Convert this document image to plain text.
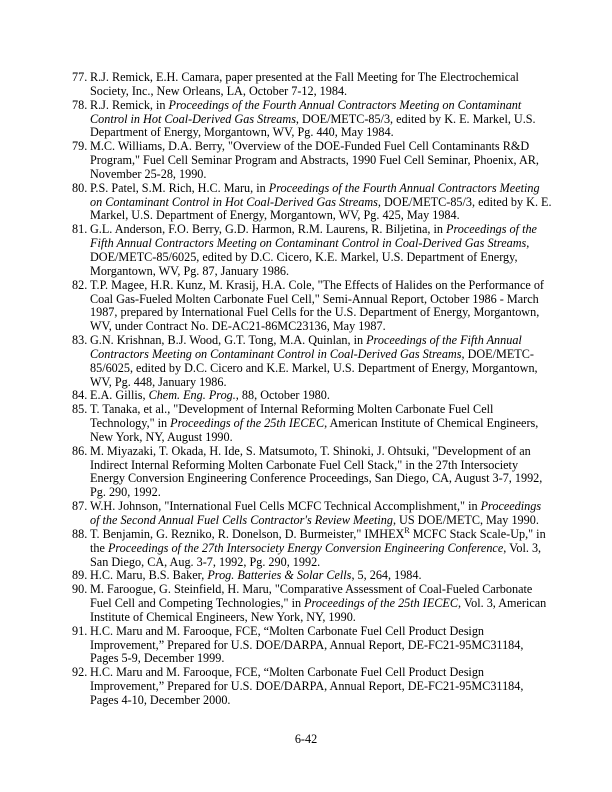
77. R.J. Remick, E.H. Camara, paper presented at the Fall Meeting for The Electrochemical Society, Inc., New Orleans, LA, October 7-12, 1984.
78. R.J. Remick, in Proceedings of the Fourth Annual Contractors Meeting on Contaminant Control in Hot Coal-Derived Gas Streams, DOE/METC-85/3, edited by K. E. Markel, U.S. Department of Energy, Morgantown, WV, Pg. 440, May 1984.
79. M.C. Williams, D.A. Berry, "Overview of the DOE-Funded Fuel Cell Contaminants R&D Program," Fuel Cell Seminar Program and Abstracts, 1990 Fuel Cell Seminar, Phoenix, AR, November 25-28, 1990.
80. P.S. Patel, S.M. Rich, H.C. Maru, in Proceedings of the Fourth Annual Contractors Meeting on Contaminant Control in Hot Coal-Derived Gas Streams, DOE/METC-85/3, edited by K. E. Markel, U.S. Department of Energy, Morgantown, WV, Pg. 425, May 1984.
81. G.L. Anderson, F.O. Berry, G.D. Harmon, R.M. Laurens, R. Biljetina, in Proceedings of the Fifth Annual Contractors Meeting on Contaminant Control in Coal-Derived Gas Streams, DOE/METC-85/6025, edited by D.C. Cicero, K.E. Markel, U.S. Department of Energy, Morgantown, WV, Pg. 87, January 1986.
82. T.P. Magee, H.R. Kunz, M. Krasij, H.A. Cole, "The Effects of Halides on the Performance of Coal Gas-Fueled Molten Carbonate Fuel Cell," Semi-Annual Report, October 1986 - March 1987, prepared by International Fuel Cells for the U.S. Department of Energy, Morgantown, WV, under Contract No. DE-AC21-86MC23136, May 1987.
83. G.N. Krishnan, B.J. Wood, G.T. Tong, M.A. Quinlan, in Proceedings of the Fifth Annual Contractors Meeting on Contaminant Control in Coal-Derived Gas Streams, DOE/METC-85/6025, edited by D.C. Cicero and K.E. Markel, U.S. Department of Energy, Morgantown, WV, Pg. 448, January 1986.
84. E.A. Gillis, Chem. Eng. Prog., 88, October 1980.
85. T. Tanaka, et al., "Development of Internal Reforming Molten Carbonate Fuel Cell Technology," in Proceedings of the 25th IECEC, American Institute of Chemical Engineers, New York, NY, August 1990.
86. M. Miyazaki, T. Okada, H. Ide, S. Matsumoto, T. Shinoki, J. Ohtsuki, "Development of an Indirect Internal Reforming Molten Carbonate Fuel Cell Stack," in the 27th Intersociety Energy Conversion Engineering Conference Proceedings, San Diego, CA, August 3-7, 1992, Pg. 290, 1992.
87. W.H. Johnson, "International Fuel Cells MCFC Technical Accomplishment," in Proceedings of the Second Annual Fuel Cells Contractor's Review Meeting, US DOE/METC, May 1990.
88. T. Benjamin, G. Rezniko, R. Donelson, D. Burmeister," $IMHEX^R$ MCFC Stack Scale-Up," in the Proceedings of the 27th Intersociety Energy Conversion Engineering Conference, Vol. 3, San Diego, CA, Aug. 3-7, 1992, Pg. 290, 1992.
89. H.C. Maru, B.S. Baker, Prog. Batteries & Solar Cells, 5, 264, 1984.
90. M. Faroogue, G. Steinfield, H. Maru, "Comparative Assessment of Coal-Fueled Carbonate Fuel Cell and Competing Technologies," in Proceedings of the 25th IECEC, Vol. 3, American Institute of Chemical Engineers, New York, NY, 1990.
91. H.C. Maru and M. Farooque, FCE, “Molten Carbonate Fuel Cell Product Design Improvement,” Prepared for U.S. DOE/DARPA, Annual Report, DE-FC21-95MC31184, Pages 5-9, December 1999.
92. H.C. Maru and M. Farooque, FCE, “Molten Carbonate Fuel Cell Product Design Improvement,” Prepared for U.S. DOE/DARPA, Annual Report, DE-FC21-95MC31184, Pages 4-10, December 2000.
6-42
